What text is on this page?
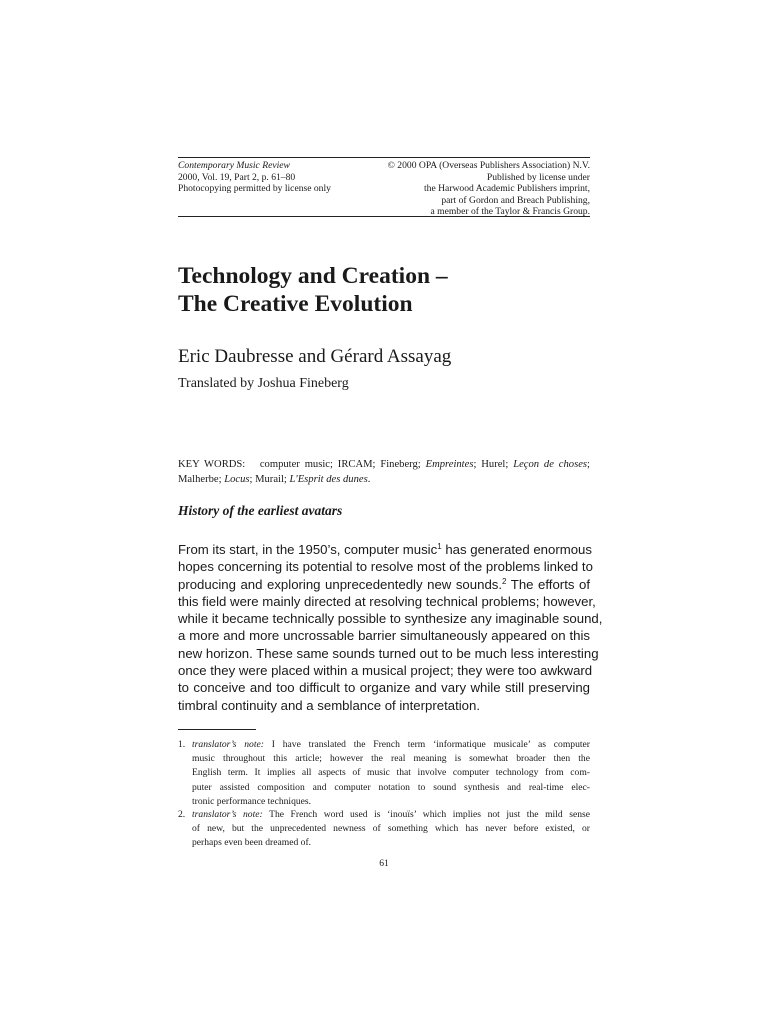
Contemporary Music Review
2000, Vol. 19, Part 2, p. 61–80
Photocopying permitted by license only
© 2000 OPA (Overseas Publishers Association) N.V.
Published by license under
the Harwood Academic Publishers imprint,
part of Gordon and Breach Publishing,
a member of the Taylor & Francis Group.
Technology and Creation –
The Creative Evolution
Eric Daubresse and Gérard Assayag
Translated by Joshua Fineberg
KEY WORDS: computer music; IRCAM; Fineberg; Empreintes; Hurel; Leçon de choses; Malherbe; Locus; Murail; L'Esprit des dunes.
History of the earliest avatars
From its start, in the 1950’s, computer music$^1$ has generated enormous
hopes concerning its potential to resolve most of the problems linked to
producing and exploring unprecedentedly new sounds.$^2$ The efforts of
this field were mainly directed at resolving technical problems; however,
while it became technically possible to synthesize any imaginable sound,
a more and more uncrossable barrier simultaneously appeared on this
new horizon. These same sounds turned out to be much less interesting
once they were placed within a musical project; they were too awkward
to conceive and too difficult to organize and vary while still preserving
timbral continuity and a semblance of interpretation.
1. translator’s note: I have translated the French term ‘informatique musicale’ as computer
music throughout this article; however the real meaning is somewhat broader then the
English term. It implies all aspects of music that involve computer technology from com-
puter assisted composition and computer notation to sound synthesis and real-time elec-
tronic performance techniques.
2. translator’s note: The French word used is ‘inouïs’ which implies not just the mild sense
of new, but the unprecedented newness of something which has never before existed, or
perhaps even been dreamed of.
61
